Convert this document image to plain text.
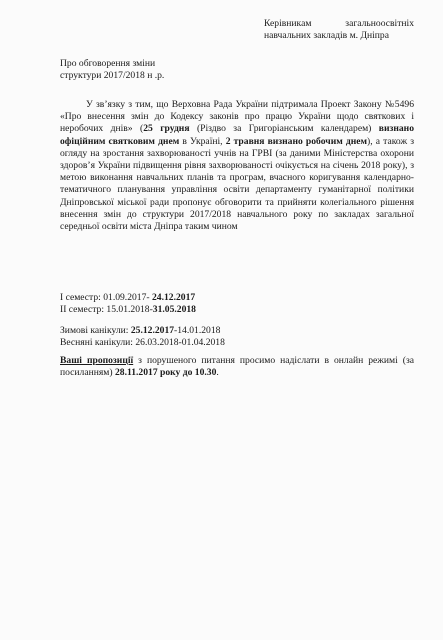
Керівникам	загальноосвітніх
навчальних закладів м. Дніпра
Про обговорення зміни
структури 2017/2018 н .р.

У зв’язку з тим, що Верховна Рада України підтримала Проект Закону №5496 «Про внесення змін до Кодексу законів про працю України щодо святкових і неробочих днів» (25 грудня (Різдво за Григоріанським календарем) визнано офіційним святковим днем в Україні, 2 травня визнано робочим днем), а також з огляду на зростання захворюваності учнів на ГРВІ (за даними Міністерства охорони здоров’я України підвищення рівня захворюваності очікується на січень 2018 року), з метою виконання навчальних планів та програм, вчасного коригування календарно-тематичного планування управління освіти департаменту гуманітарної політики Дніпровської міської ради пропонує обговорити та прийняти колегіального рішення внесення змін до структури 2017/2018 навчального року по закладах загальної середньої освіти міста Дніпра таким чином

І семестр: 01.09.2017- 24.12.2017
ІІ семестр: 15.01.2018-31.05.2018
Зимові канікули: 25.12.2017-14.01.2018
Весняні канікули: 26.03.2018-01.04.2018
Ваші пропозиції з порушеного питання просимо надіслати в онлайн режимі (за посиланням) 28.11.2017 року до 10.30.
